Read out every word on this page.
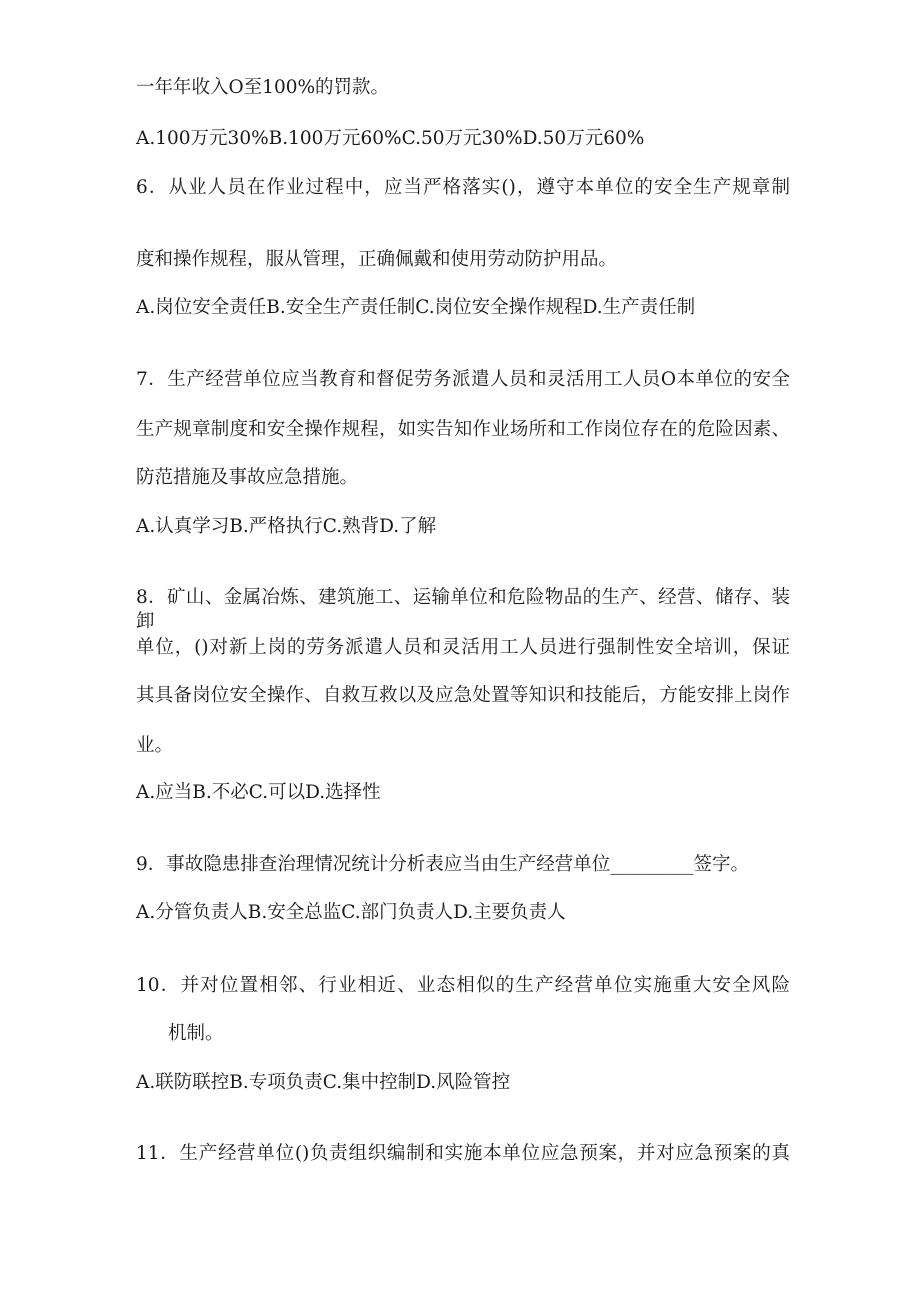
一年年收入O至100%的罚款。
A.100万元30%B.100万元60%C.50万元30%D.50万元60%
6．从业人员在作业过程中，应当严格落实()，遵守本单位的安全生产规章制
度和操作规程，服从管理，正确佩戴和使用劳动防护用品。
A.岗位安全责任B.安全生产责任制C.岗位安全操作规程D.生产责任制
7．生产经营单位应当教育和督促劳务派遣人员和灵活用工人员O本单位的安全
生产规章制度和安全操作规程，如实告知作业场所和工作岗位存在的危险因素、
防范措施及事故应急措施。
A.认真学习B.严格执行C.熟背D.了解
8．矿山、金属冶炼、建筑施工、运输单位和危险物品的生产、经营、储存、装卸
单位，()对新上岗的劳务派遣人员和灵活用工人员进行强制性安全培训，保证
其具备岗位安全操作、自救互救以及应急处置等知识和技能后，方能安排上岗作
业。
A.应当B.不必C.可以D.选择性
9．事故隐患排查治理情况统计分析表应当由生产经营单位_________签字。
A.分管负责人B.安全总监C.部门负责人D.主要负责人
10．并对位置相邻、行业相近、业态相似的生产经营单位实施重大安全风险
机制。
A.联防联控B.专项负责C.集中控制D.风险管控
11．生产经营单位()负责组织编制和实施本单位应急预案，并对应急预案的真
